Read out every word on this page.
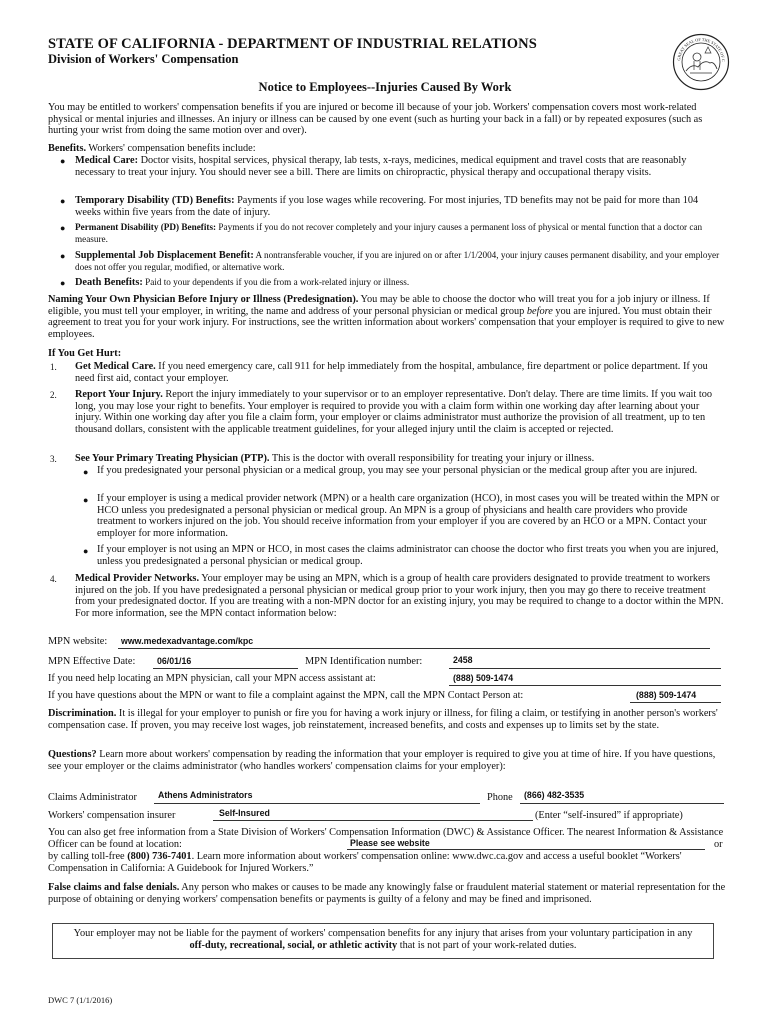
STATE OF CALIFORNIA - DEPARTMENT OF INDUSTRIAL RELATIONS
Division of Workers' Compensation	GREAT SEAL OF THE STATE OF C
Notice to Employees--Injuries Caused By Work
You may be entitled to workers' compensation benefits if you are injured or become ill because of your job. Workers' compensation covers most work-related physical or mental injuries and illnesses. An injury or illness can be caused by one event (such as hurting your back in a fall) or by repeated exposures (such as hurting your wrist from doing the same motion over and over).
Benefits. Workers' compensation benefits include:
● Medical Care: Doctor visits, hospital services, physical therapy, lab tests, x-rays, medicines, medical equipment and travel costs that are reasonably necessary to treat your injury. You should never see a bill. There are limits on chiropractic, physical therapy and occupational therapy visits.
● Temporary Disability (TD) Benefits: Payments if you lose wages while recovering. For most injuries, TD benefits may not be paid for more than 104 weeks within five years from the date of injury.
● Permanent Disability (PD) Benefits: Payments if you do not recover completely and your injury causes a permanent loss of physical or mental function that a doctor can measure.
● Supplemental Job Displacement Benefit: A nontransferable voucher, if you are injured on or after 1/1/2004, your injury causes permanent disability, and your employer does not offer you regular, modified, or alternative work.
● Death Benefits: Paid to your dependents if you die from a work-related injury or illness.
Naming Your Own Physician Before Injury or Illness (Predesignation). You may be able to choose the doctor who will treat you for a job injury or illness. If eligible, you must tell your employer, in writing, the name and address of your personal physician or medical group before you are injured. You must obtain their agreement to treat you for your work injury. For instructions, see the written information about workers' compensation that your employer is required to give to new employees.
If You Get Hurt:
1. Get Medical Care. If you need emergency care, call 911 for help immediately from the hospital, ambulance, fire department or police department. If you need first aid, contact your employer.
2. Report Your Injury. Report the injury immediately to your supervisor or to an employer representative. Don't delay. There are time limits. If you wait too long, you may lose your right to benefits. Your employer is required to provide you with a claim form within one working day after learning about your injury. Within one working day after you file a claim form, your employer or claims administrator must authorize the provision of all treatment, up to ten thousand dollars, consistent with the applicable treatment guidelines, for your alleged injury until the claim is accepted or rejected.
3. See Your Primary Treating Physician (PTP). This is the doctor with overall responsibility for treating your injury or illness.
● If you predesignated your personal physician or a medical group, you may see your personal physician or the medical group after you are injured.
● If your employer is using a medical provider network (MPN) or a health care organization (HCO), in most cases you will be treated within the MPN or HCO unless you predesignated a personal physician or medical group. An MPN is a group of physicians and health care providers who provide treatment to workers injured on the job. You should receive information from your employer if you are covered by an HCO or a MPN. Contact your employer for more information.
● If your employer is not using an MPN or HCO, in most cases the claims administrator can choose the doctor who first treats you when you are injured, unless you predesignated a personal physician or medical group.
4. Medical Provider Networks. Your employer may be using an MPN, which is a group of health care providers designated to provide treatment to workers injured on the job. If you have predesignated a personal physician or medical group prior to your work injury, then you may go there to receive treatment from your predesignated doctor. If you are treating with a non-MPN doctor for an existing injury, you may be required to change to a doctor within the MPN. For more information, see the MPN contact information below:
MPN website: www.medexadvantage.com/kpc
MPN Effective Date: 06/01/16	MPN Identification number:	2458
If you need help locating an MPN physician, call your MPN access assistant at:	(888) 509-1474
If you have questions about the MPN or want to file a complaint against the MPN, call the MPN Contact Person at:	(888) 509-1474
Discrimination. It is illegal for your employer to punish or fire you for having a work injury or illness, for filing a claim, or testifying in another person's workers' compensation case. If proven, you may receive lost wages, job reinstatement, increased benefits, and costs and expenses up to limits set by the state.
Questions? Learn more about workers' compensation by reading the information that your employer is required to give you at time of hire. If you have questions, see your employer or the claims administrator (who handles workers' compensation claims for your employer):
Claims Administrator Athens Administrators	Phone (866) 482-3535
Workers' compensation insurer	Self-Insured	(Enter “self-insured” if appropriate)
You can also get free information from a State Division of Workers' Compensation Information (DWC) & Assistance Officer. The nearest Information & Assistance Officer can be found at location:	Please see website	or
by calling toll-free (800) 736-7401. Learn more information about workers' compensation online: www.dwc.ca.gov and access a useful booklet “Workers' Compensation in California: A Guidebook for Injured Workers.”
False claims and false denials. Any person who makes or causes to be made any knowingly false or fraudulent material statement or material representation for the purpose of obtaining or denying workers' compensation benefits or payments is guilty of a felony and may be fined and imprisoned.
Your employer may not be liable for the payment of workers' compensation benefits for any injury that arises from your voluntary participation in any off-duty, recreational, social, or athletic activity that is not part of your work-related duties.
DWC 7 (1/1/2016)
